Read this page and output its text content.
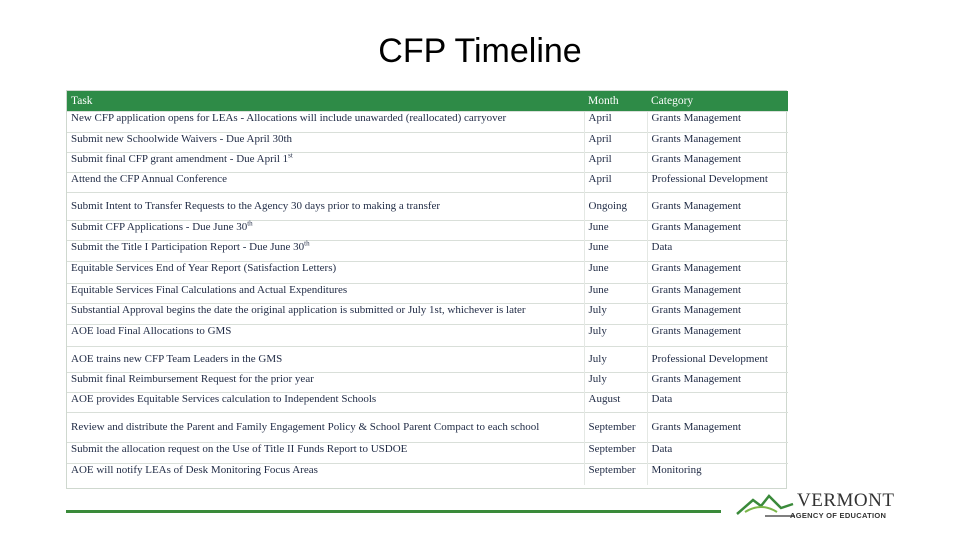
CFP Timeline
Task	Month	Category
New CFP application opens for LEAs - Allocations will include unawarded (reallocated) carryover	April	Grants Management
Submit new Schoolwide Waivers - Due April 30th	April	Grants Management
Submit final CFP grant amendment - Due April 1st	April	Grants Management
Attend the CFP Annual Conference	April	Professional Development
Submit Intent to Transfer Requests to the Agency 30 days prior to making a transfer	Ongoing	Grants Management
Submit CFP Applications - Due June 30th	June	Grants Management
Submit the Title I Participation Report - Due June 30th	June	Data
Equitable Services End of Year Report (Satisfaction Letters)	June	Grants Management
Equitable Services Final Calculations and Actual Expenditures	June	Grants Management
Substantial Approval begins the date the original application is submitted or July 1st, whichever is later	July	Grants Management
AOE load Final Allocations to GMS	July	Grants Management
AOE trains new CFP Team Leaders in the GMS	July	Professional Development
Submit final Reimbursement Request for the prior year	July	Grants Management
AOE provides Equitable Services calculation to Independent Schools	August	Data
Review and distribute the Parent and Family Engagement Policy & School Parent Compact to each school	September	Grants Management
Submit the allocation request on the Use of Title II Funds Report to USDOE	September	Data
AOE will notify LEAs of Desk Monitoring Focus Areas	September	Monitoring
VERMONT
AGENCY OF EDUCATION
